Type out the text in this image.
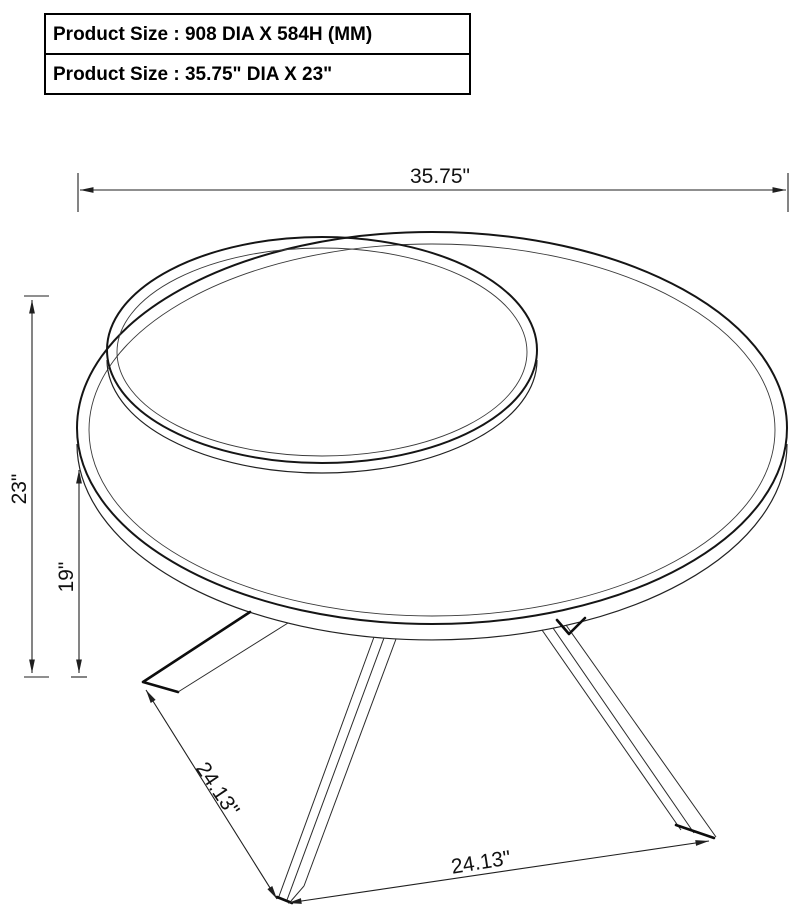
Product Size : 908 DIA X 584H (MM)
Product Size : 35.75" DIA X 23"
35.75"
23"
19"
24.13"
24.13"
